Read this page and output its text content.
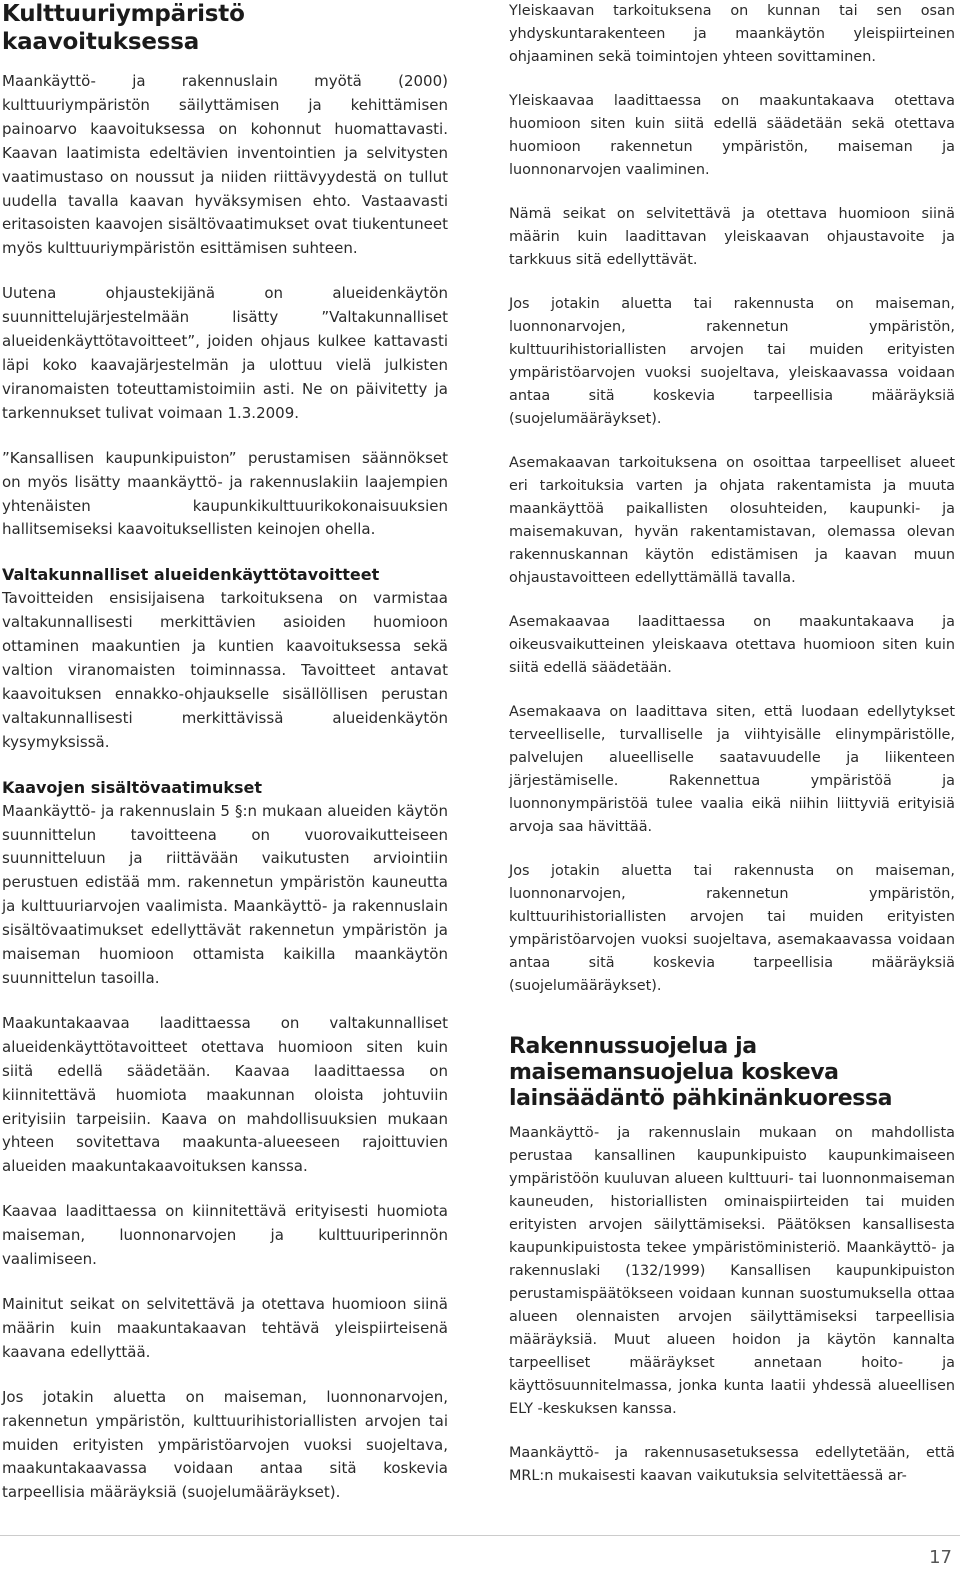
Kulttuuriympäristö kaavoituksessa

Maankäyttö- ja rakennuslain myötä (2000) kulttuuriympäristön säilyttämisen ja kehittämisen painoarvo kaavoituksessa on kohonnut huomattavasti. Kaavan laatimista edeltävien inventointien ja selvitysten vaatimustaso on noussut ja niiden riittävyydestä on tullut uudella tavalla kaavan hyväksymisen ehto. Vastaavasti eritasoisten kaavojen sisältövaatimukset ovat tiukentuneet myös kulttuuriympäristön esittämisen suhteen.

Uutena ohjaustekijänä on alueidenkäytön suunnittelujärjestelmään lisätty ”Valtakunnalliset alueidenkäyttötavoitteet”, joiden ohjaus kulkee kattavasti läpi koko kaavajärjestelmän ja ulottuu vielä julkisten viranomaisten toteuttamistoimiin asti. Ne on päivitetty ja tarkennukset tulivat voimaan 1.3.2009.

”Kansallisen kaupunkipuiston” perustamisen säännökset on myös lisätty maankäyttö- ja rakennuslakiin laajempien yhtenäisten kaupunkikulttuurikokonaisuuksien hallitsemiseksi kaavoituksellisten keinojen ohella.

Valtakunnalliset alueidenkäyttötavoitteet

Tavoitteiden ensisijaisena tarkoituksena on varmistaa valtakunnallisesti merkittävien asioiden huomioon ottaminen maakuntien ja kuntien kaavoituksessa sekä valtion viranomaisten toiminnassa. Tavoitteet antavat kaavoituksen ennakko-ohjaukselle sisällöllisen perustan valtakunnallisesti merkittävissä alueidenkäytön kysymyksissä.

Kaavojen sisältövaatimukset

Maankäyttö- ja rakennuslain 5 §:n mukaan alueiden käytön suunnittelun tavoitteena on vuorovaikutteiseen suunnitteluun ja riittävään vaikutusten arviointiin perustuen edistää mm. rakennetun ympäristön kauneutta ja kulttuuriarvojen vaalimista. Maankäyttö- ja rakennuslain sisältövaatimukset edellyttävät rakennetun ympäristön ja maiseman huomioon ottamista kaikilla maankäytön suunnittelun tasoilla.

Maakuntakaavaa laadittaessa on valtakunnalliset alueidenkäyttötavoitteet otettava huomioon siten kuin siitä edellä säädetään. Kaavaa laadittaessa on kiinnitettävä huomiota maakunnan oloista johtuviin erityisiin tarpeisiin. Kaava on mahdollisuuksien mukaan yhteen sovitettava maakunta-alueeseen rajoittuvien alueiden maakuntakaavoituksen kanssa.

Kaavaa laadittaessa on kiinnitettävä erityisesti huomiota maiseman, luonnonarvojen ja kulttuuriperinnön vaalimiseen.

Mainitut seikat on selvitettävä ja otettava huomioon siinä määrin kuin maakuntakaavan tehtävä yleispiirteisenä kaavana edellyttää.

Jos jotakin aluetta on maiseman, luonnonarvojen, rakennetun ympäristön, kulttuurihistoriallisten arvojen tai muiden erityisten ympäristöarvojen vuoksi suojeltava, maakuntakaavassa voidaan antaa sitä koskevia tarpeellisia määräyksiä (suojelumääräykset).

Yleiskaavan tarkoituksena on kunnan tai sen osan yhdyskuntarakenteen ja maankäytön yleispiirteinen ohjaaminen sekä toimintojen yhteen sovittaminen.

Yleiskaavaa laadittaessa on maakuntakaava otettava huomioon siten kuin siitä edellä säädetään sekä otettava huomioon rakennetun ympäristön, maiseman ja luonnonarvojen vaaliminen.

Nämä seikat on selvitettävä ja otettava huomioon siinä määrin kuin laadittavan yleiskaavan ohjaustavoite ja tarkkuus sitä edellyttävät.

Jos jotakin aluetta tai rakennusta on maiseman, luonnonarvojen, rakennetun ympäristön, kulttuurihistoriallisten arvojen tai muiden erityisten ympäristöarvojen vuoksi suojeltava, yleiskaavassa voidaan antaa sitä koskevia tarpeellisia määräyksiä (suojelumääräykset).

Asemakaavan tarkoituksena on osoittaa tarpeelliset alueet eri tarkoituksia varten ja ohjata rakentamista ja muuta maankäyttöä paikallisten olosuhteiden, kaupunki- ja maisemakuvan, hyvän rakentamistavan, olemassa olevan rakennuskannan käytön edistämisen ja kaavan muun ohjaustavoitteen edellyttämällä tavalla.

Asemakaavaa laadittaessa on maakuntakaava ja oikeusvaikutteinen yleiskaava otettava huomioon siten kuin siitä edellä säädetään.

Asemakaava on laadittava siten, että luodaan edellytykset terveelliselle, turvalliselle ja viihtyisälle elinympäristölle, palvelujen alueelliselle saatavuudelle ja liikenteen järjestämiselle. Rakennettua ympäristöä ja luonnonympäristöä tulee vaalia eikä niihin liittyviä erityisiä arvoja saa hävittää.

Jos jotakin aluetta tai rakennusta on maiseman, luonnonarvojen, rakennetun ympäristön, kulttuurihistoriallisten arvojen tai muiden erityisten ympäristöarvojen vuoksi suojeltava, asemakaavassa voidaan antaa sitä koskevia tarpeellisia määräyksiä (suojelumääräykset).

Rakennussuojelua ja maisemansuojelua koskeva lainsäädäntö pähkinänkuoressa

Maankäyttö- ja rakennuslain mukaan on mahdollista perustaa kansallinen kaupunkipuisto kaupunkimaiseen ympäristöön kuuluvan alueen kulttuuri- tai luonnonmaiseman kauneuden, historiallisten ominaispiirteiden tai muiden erityisten arvojen säilyttämiseksi. Päätöksen kansallisesta kaupunkipuistosta tekee ympäristöministeriö. Maankäyttö- ja rakennuslaki (132/1999) Kansallisen kaupunkipuiston perustamispäätökseen voidaan kunnan suostumuksella ottaa alueen olennaisten arvojen säilyttämiseksi tarpeellisia määräyksiä. Muut alueen hoidon ja käytön kannalta tarpeelliset määräykset annetaan hoito- ja käyttösuunnitelmassa, jonka kunta laatii yhdessä alueellisen ELY -keskuksen kanssa.

Maankäyttö- ja rakennusasetuksessa edellytetään, että MRL:n mukaisesti kaavan vaikutuksia selvitettäessä ar-

17
